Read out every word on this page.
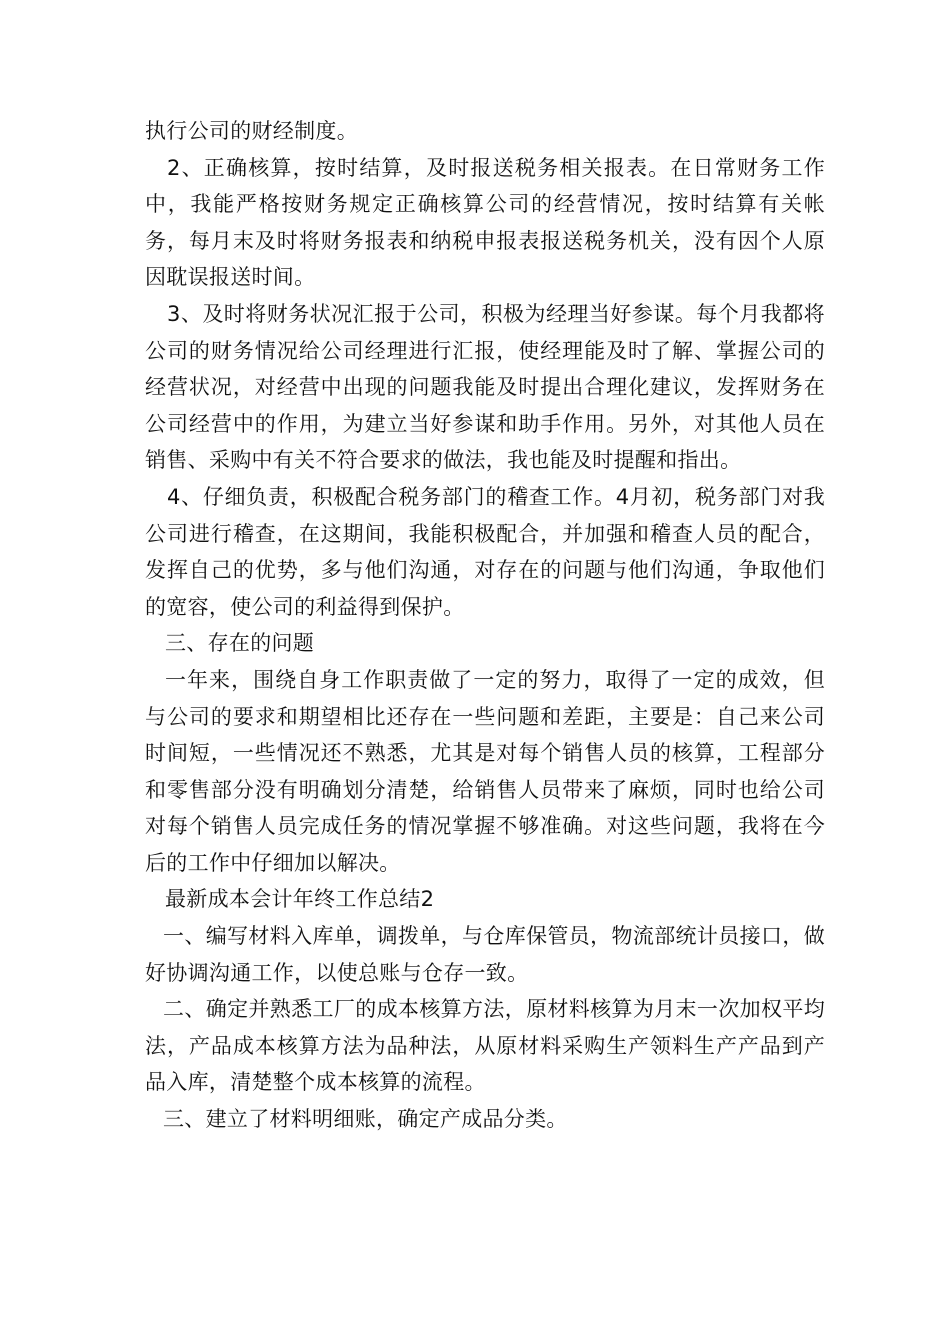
执行公司的财经制度。

2、正确核算，按时结算，及时报送税务相关报表。在日常财务工作中，我能严格按财务规定正确核算公司的经营情况，按时结算有关帐务，每月末及时将财务报表和纳税申报表报送税务机关，没有因个人原因耽误报送时间。

3、及时将财务状况汇报于公司，积极为经理当好参谋。每个月我都将公司的财务情况给公司经理进行汇报，使经理能及时了解、掌握公司的经营状况，对经营中出现的问题我能及时提出合理化建议，发挥财务在公司经营中的作用，为建立当好参谋和助手作用。另外，对其他人员在销售、采购中有关不符合要求的做法，我也能及时提醒和指出。

4、仔细负责，积极配合税务部门的稽查工作。4月初，税务部门对我公司进行稽查，在这期间，我能积极配合，并加强和稽查人员的配合，发挥自己的优势，多与他们沟通，对存在的问题与他们沟通，争取他们的宽容，使公司的利益得到保护。

三、存在的问题

一年来，围绕自身工作职责做了一定的努力，取得了一定的成效，但与公司的要求和期望相比还存在一些问题和差距，主要是：自己来公司时间短，一些情况还不熟悉，尤其是对每个销售人员的核算，工程部分和零售部分没有明确划分清楚，给销售人员带来了麻烦，同时也给公司对每个销售人员完成任务的情况掌握不够准确。对这些问题，我将在今后的工作中仔细加以解决。

最新成本会计年终工作总结2

一、编写材料入库单，调拨单，与仓库保管员，物流部统计员接口，做好协调沟通工作，以使总账与仓存一致。

二、确定并熟悉工厂的成本核算方法，原材料核算为月末一次加权平均法，产品成本核算方法为品种法，从原材料采购生产领料生产产品到产品入库，清楚整个成本核算的流程。

三、建立了材料明细账，确定产成品分类。
